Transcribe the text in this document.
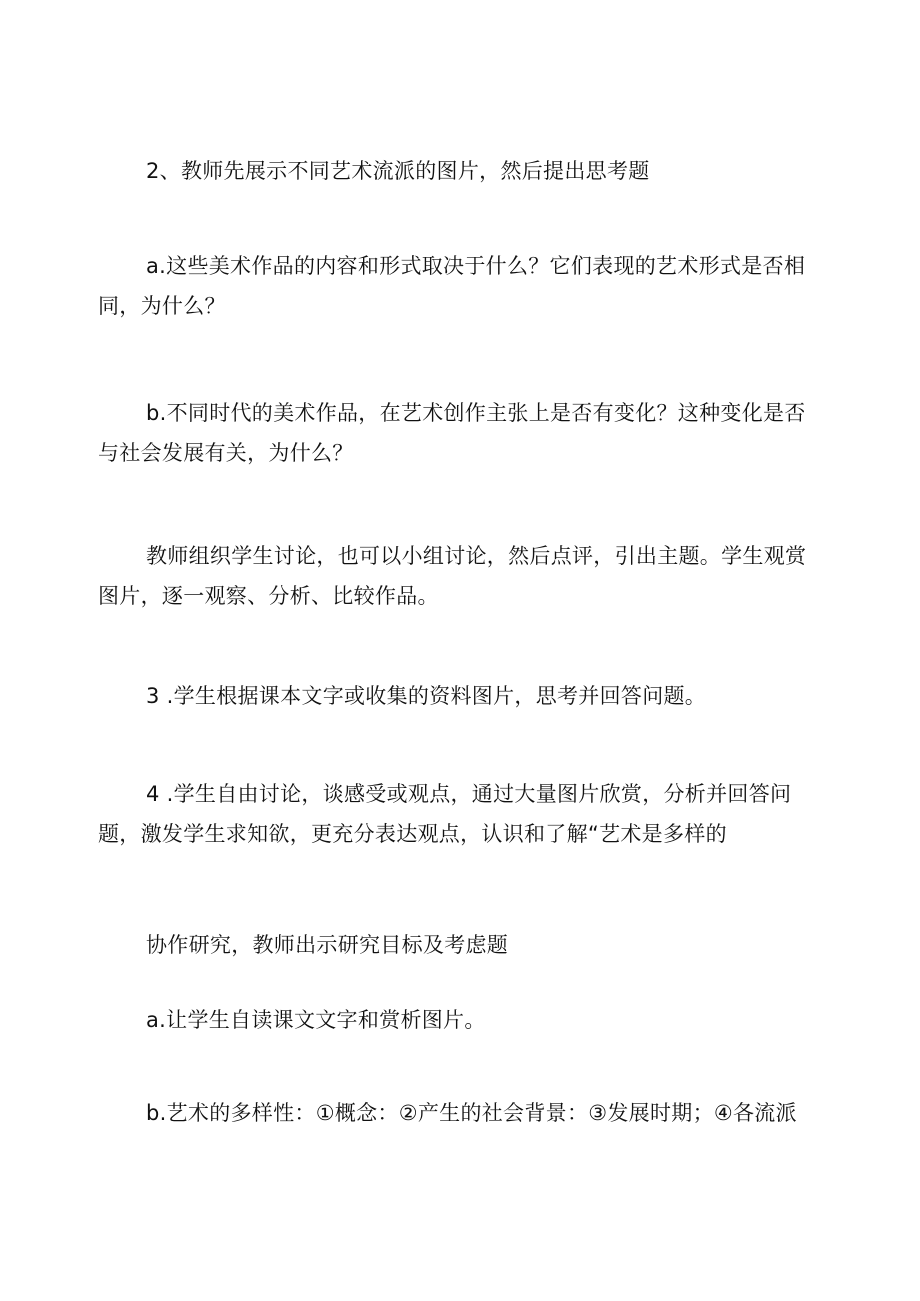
2、教师先展示不同艺术流派的图片，然后提出思考题

a.这些美术作品的内容和形式取决于什么？它们表现的艺术形式是否相同，为什么？

b.不同时代的美术作品，在艺术创作主张上是否有变化？这种变化是否与社会发展有关，为什么？

教师组织学生讨论，也可以小组讨论，然后点评，引出主题。学生观赏图片，逐一观察、分析、比较作品。

3 .学生根据课本文字或收集的资料图片，思考并回答问题。

4 .学生自由讨论，谈感受或观点，通过大量图片欣赏，分析并回答问题，激发学生求知欲，更充分表达观点，认识和了解“艺术是多样的

协作研究，教师出示研究目标及考虑题

a.让学生自读课文文字和赏析图片。

b.艺术的多样性：①概念：②产生的社会背景：③发展时期；④各流派
